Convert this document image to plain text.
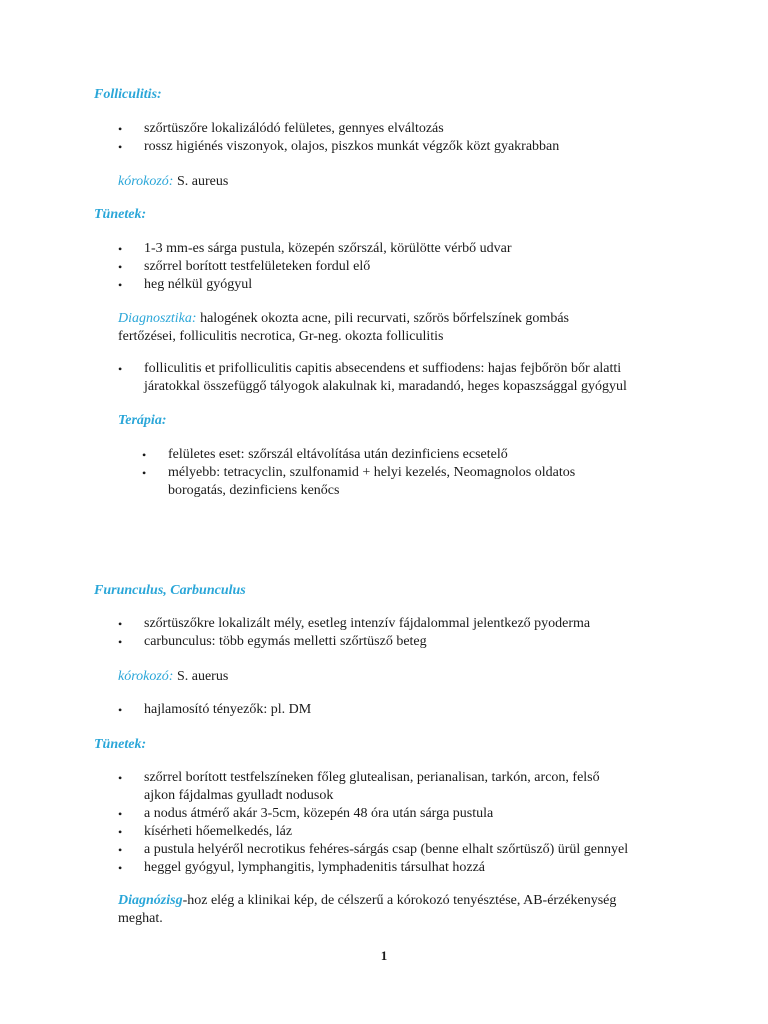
Folliculitis:
• szőrtüszőre lokalizálódó felületes, gennyes elváltozás
• rossz higiénés viszonyok, olajos, piszkos munkát végzők közt gyakrabban
kórokozó: S. aureus
Tünetek:
• 1-3 mm-es sárga pustula, közepén szőrszál, körülötte vérbő udvar
• szőrrel borított testfelületeken fordul elő
• heg nélkül gyógyul
Diagnosztika: halogének okozta acne, pili recurvati, szőrös bőrfelszínek gombás
fertőzései, folliculitis necrotica, Gr-neg. okozta folliculitis
• folliculitis et prifolliculitis capitis absecendens et suffiodens: hajas fejbőrön bőr alatti
járatokkal összefüggő tályogok alakulnak ki, maradandó, heges kopaszsággal gyógyul
Terápia:
• felületes eset: szőrszál eltávolítása után dezinficiens ecsetelő
• mélyebb: tetracyclin, szulfonamid + helyi kezelés, Neomagnolos oldatos
borogatás, dezinficiens kenőcs
Furunculus, Carbunculus
• szőrtüszőkre lokalizált mély, esetleg intenzív fájdalommal jelentkező pyoderma
• carbunculus: több egymás melletti szőrtüsző beteg
kórokozó: S. auerus
• hajlamosító tényezők: pl. DM
Tünetek:
• szőrrel borított testfelszíneken főleg glutealisan, perianalisan, tarkón, arcon, felső
ajkon fájdalmas gyulladt nodusok
• a nodus átmérő akár 3-5cm, közepén 48 óra után sárga pustula
• kísérheti hőemelkedés, láz
• a pustula helyéről necrotikus fehéres-sárgás csap (benne elhalt szőrtüsző) ürül gennyel
• heggel gyógyul, lymphangitis, lymphadenitis társulhat hozzá
Diagnózisg-hoz elég a klinikai kép, de célszerű a kórokozó tenyésztése, AB-érzékenység
meghat.
1
